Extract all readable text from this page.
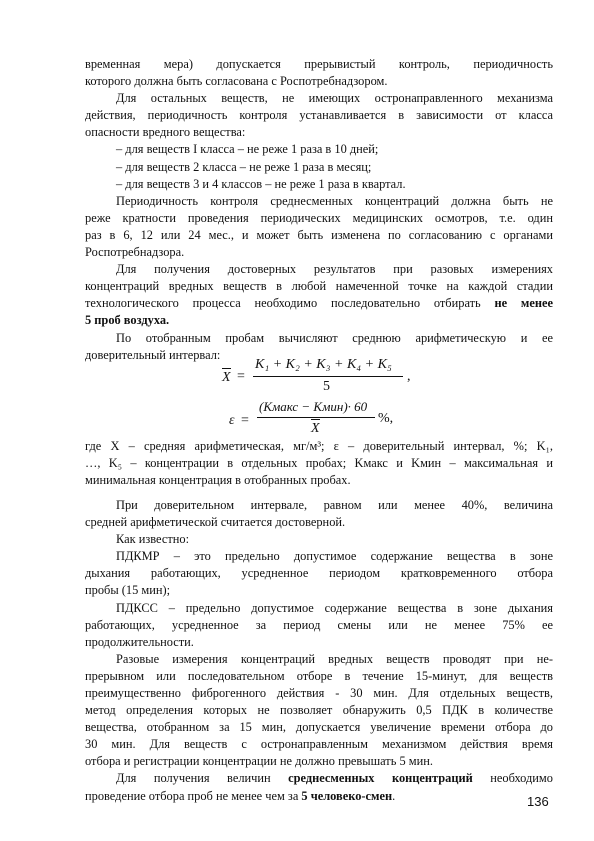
временная мера) допускается прерывистый контроль, периодичность

которого должна быть согласована с Роспотребнадзором.

Для остальных веществ, не имеющих остронаправленного механизма

действия, периодичность контроля устанавливается в зависимости от класса

опасности вредного вещества:

– для веществ I класса – не реже 1 раза в 10 дней;

– для веществ 2 класса – не реже 1 раза в месяц;

– для веществ 3 и 4 классов – не реже 1 раза в квартал.

Периодичность контроля среднесменных концентраций должна быть не

реже кратности проведения периодических медицинских осмотров, т.е. один

раз в 6, 12 или 24 мес., и может быть изменена по согласованию с органами

Роспотребнадзора.

Для получения достоверных результатов при разовых измерениях

концентраций вредных веществ в любой намеченной точке на каждой стадии

технологического процесса необходимо последовательно отбирать не менее

5 проб воздуха.

По отобранным пробам вычисляют среднюю арифметическую и ее

доверительный интервал:

X =
K₁ + K₂ + K₃ + K₄ + K₅
5
,
ε =
(Kмакс − Kмин)· 60
X
%,

где X – средняя арифметическая, мг/м³; ε – доверительный интервал, %; K₁,

…, K₅ – концентрации в отдельных пробах; Kмакс и Kмин – максимальная и

минимальная концентрация в отобранных пробах.

При доверительном интервале, равном или менее 40%, величина

средней арифметической считается достоверной.

Как известно:

ПДКМР – это предельно допустимое содержание вещества в зоне

дыхания работающих, усредненное периодом кратковременного отбора

пробы (15 мин);

ПДКСС – предельно допустимое содержание вещества в зоне дыхания

работающих, усредненное за период смены или не менее 75% ее

продолжительности.

Разовые измерения концентраций вредных веществ проводят при не-

прерывном или последовательном отборе в течение 15-минут, для веществ

преимущественно фиброгенного действия - 30 мин. Для отдельных веществ,

метод определения которых не позволяет обнаружить 0,5 ПДК в количестве

вещества, отобранном за 15 мин, допускается увеличение времени отбора до

30 мин. Для веществ с остронаправленным механизмом действия время

отбора и регистрации концентрации не должно превышать 5 мин.

Для получения величин среднесменных концентраций необходимо

проведение отбора проб не менее чем за 5 человеко-смен.	136
